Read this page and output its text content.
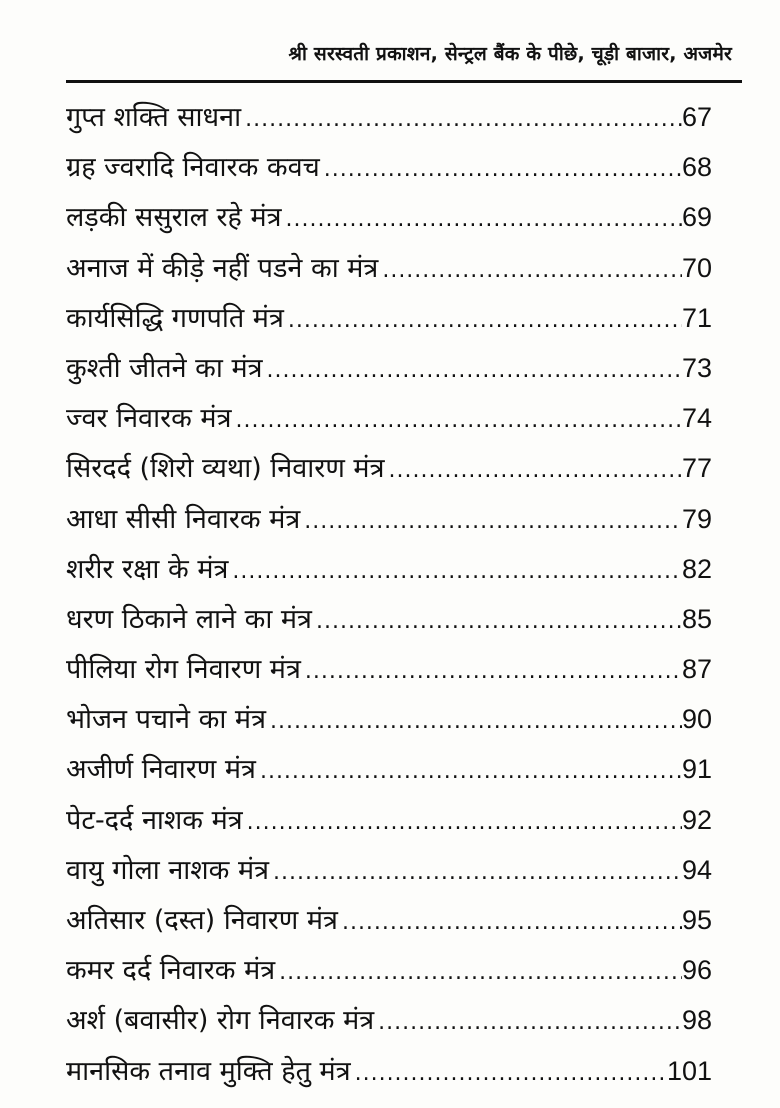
श्री सरस्वती प्रकाशन, सेन्ट्रल बैंक के पीछे, चूड़ी बाजार, अजमेर
गुप्त शक्ति साधना .....	67
ग्रह ज्वरादि निवारक कवच .....	68
लड़की ससुराल रहे मंत्र .....	69
अनाज में कीड़े नहीं पडने का मंत्र .....	70
कार्यसिद्धि गणपति मंत्र .....	71
कुश्ती जीतने का मंत्र .....	73
ज्वर निवारक मंत्र .....	74
सिरदर्द (शिरो व्यथा) निवारण मंत्र .....	77
आधा सीसी निवारक मंत्र .....	79
शरीर रक्षा के मंत्र .....	82
धरण ठिकाने लाने का मंत्र .....	85
पीलिया रोग निवारण मंत्र .....	87
भोजन पचाने का मंत्र .....	90
अजीर्ण निवारण मंत्र .....	91
पेट-दर्द नाशक मंत्र .....	92
वायु गोला नाशक मंत्र .....	94
अतिसार (दस्त) निवारण मंत्र .....	95
कमर दर्द निवारक मंत्र .....	96
अर्श (बवासीर) रोग निवारक मंत्र .....	98
मानसिक तनाव मुक्ति हेतु मंत्र .....	101
